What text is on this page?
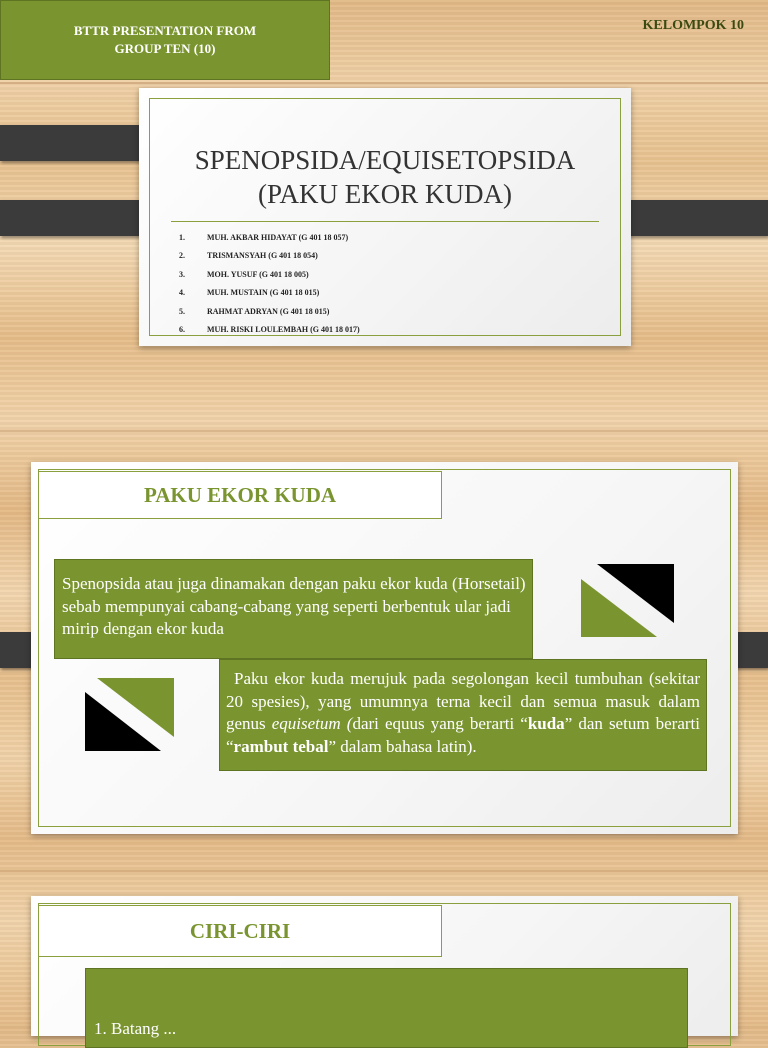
BTTR PRESENTATION FROM
GROUP TEN (10)
KELOMPOK 10
SPENOPSIDA/EQUISETOPSIDA
(PAKU EKOR KUDA)
1.	MUH. AKBAR HIDAYAT (G 401 18 057)
2.	TRISMANSYAH (G 401 18 054)
3.	MOH. YUSUF (G 401 18 005)
4.	MUH. MUSTAIN (G 401 18 015)
5.	RAHMAT ADRYAN (G 401 18 015)
6.	MUH. RISKI LOULEMBAH (G 401 18 017)
PAKU EKOR KUDA
Spenopsida atau juga dinamakan dengan paku ekor kuda (Horsetail) sebab mempunyai cabang-cabang yang seperti berbentuk ular jadi mirip dengan ekor kuda
Paku ekor kuda merujuk pada segolongan kecil tumbuhan (sekitar 20 spesies), yang umumnya terna kecil dan semua masuk dalam genus equisetum (dari equus yang berarti “kuda” dan setum berarti “rambut tebal” dalam bahasa latin).
CIRI-CIRI
1. Batang ...
